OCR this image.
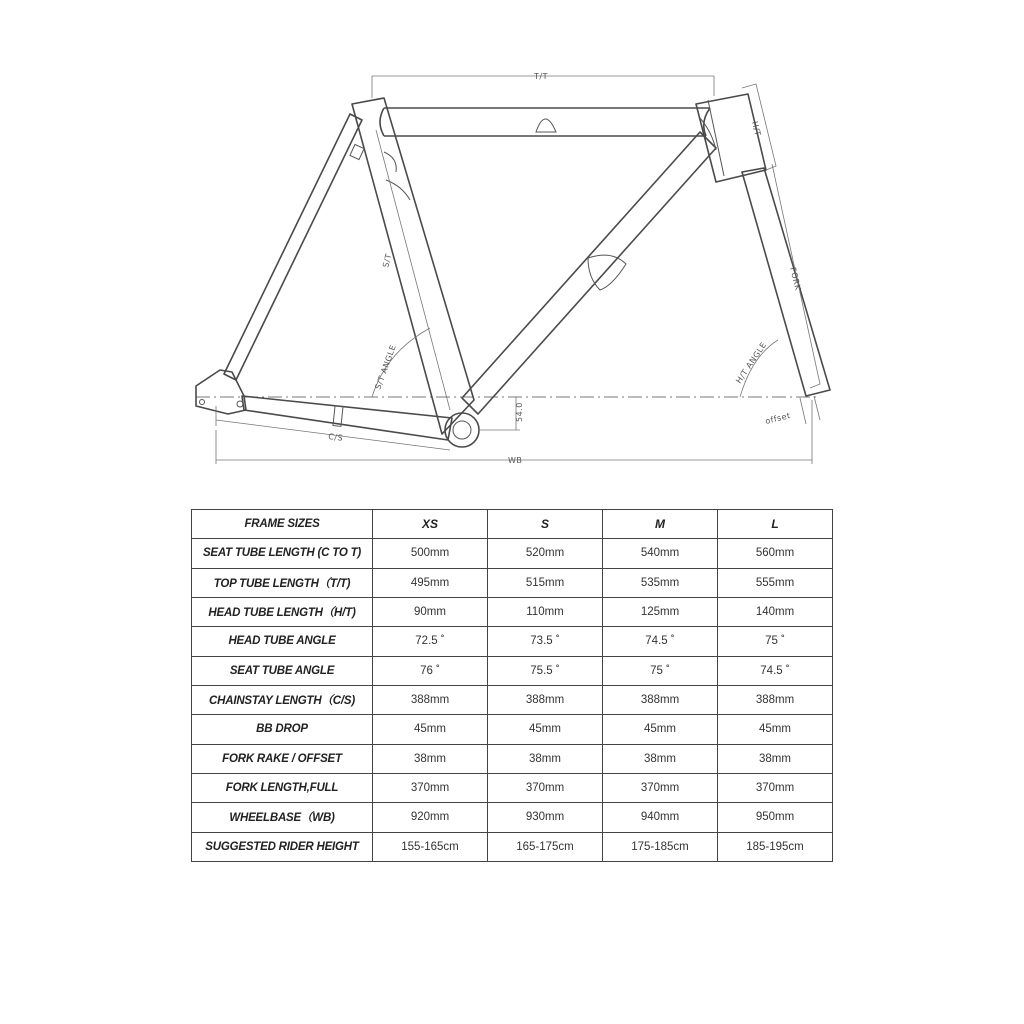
T/T
H/T
FORK
S/T
S/T ANGLE	H/T ANGLE
54.0	offset
C/S
WB
FRAME SIZES	XS	S	M	L
SEAT TUBE LENGTH (C TO T)	500mm	520mm	540mm	560mm
TOP TUBE LENGTH（T/T)	495mm	515mm	535mm	555mm
HEAD TUBE LENGTH（H/T)	90mm	110mm	125mm	140mm
HEAD TUBE ANGLE	72.5 ˚	73.5 ˚	74.5 ˚	75 ˚
SEAT TUBE ANGLE	76 ˚	75.5 ˚	75 ˚	74.5 ˚
CHAINSTAY LENGTH（C/S)	388mm	388mm	388mm	388mm
BB DROP	45mm	45mm	45mm	45mm
FORK RAKE / OFFSET	38mm	38mm	38mm	38mm
FORK LENGTH,FULL	370mm	370mm	370mm	370mm
WHEELBASE（WB)	920mm	930mm	940mm	950mm
SUGGESTED RIDER HEIGHT	155-165cm	165-175cm	175-185cm	185-195cm
